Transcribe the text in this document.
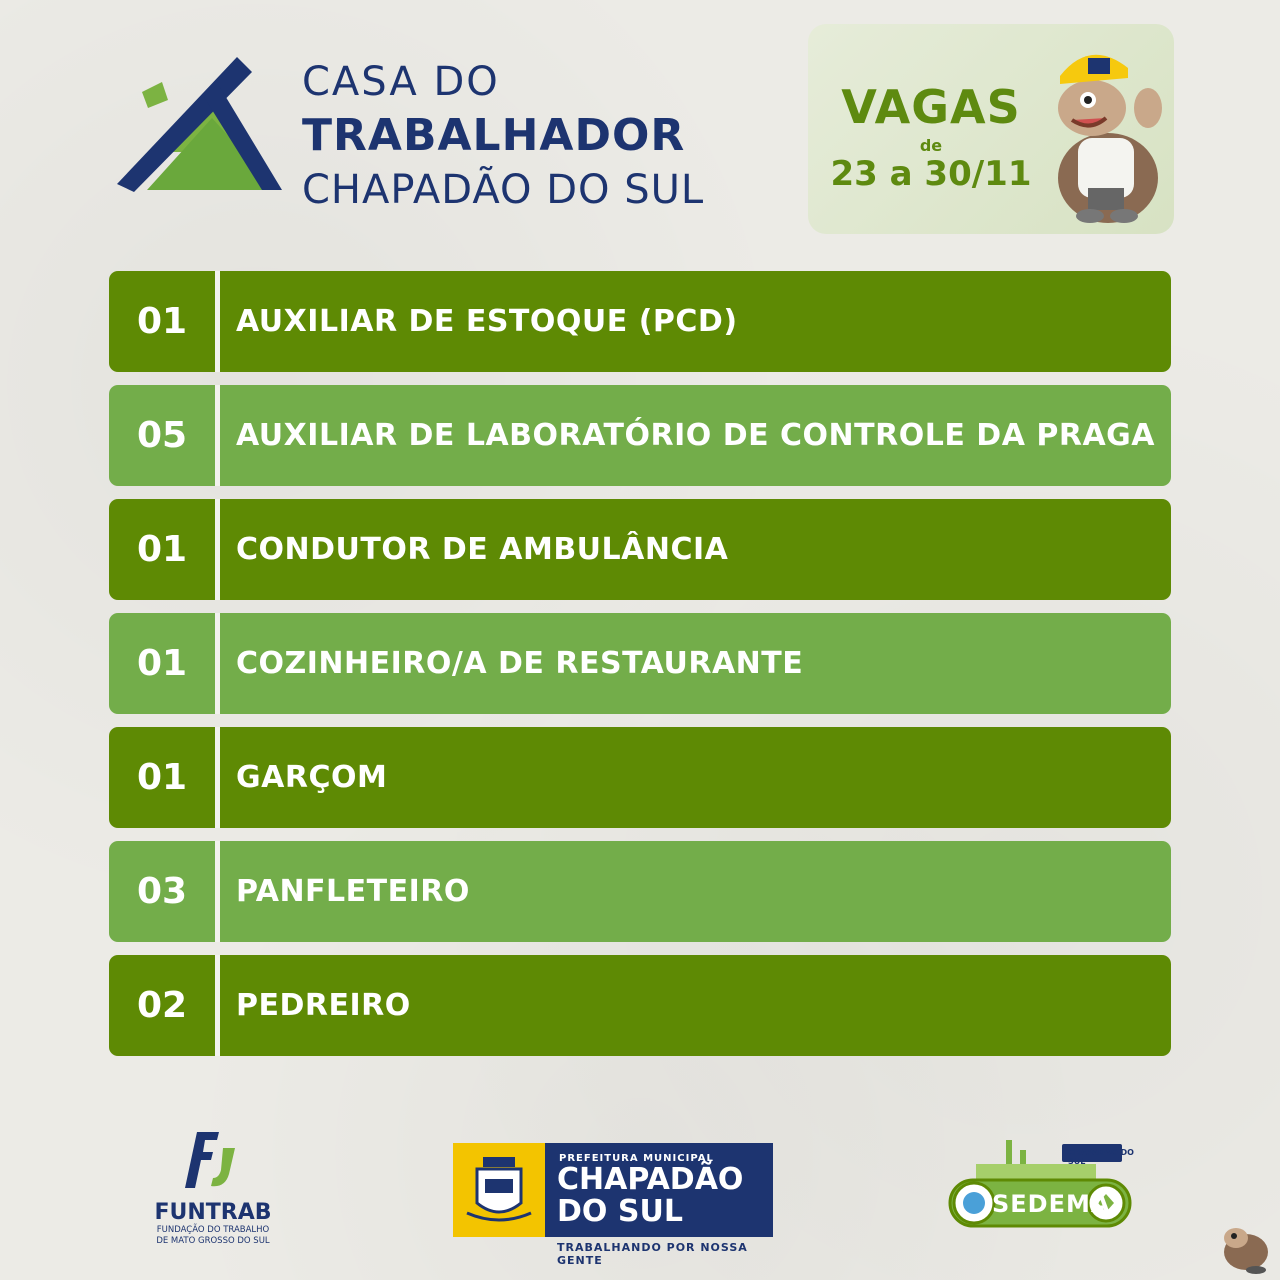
CASA DO
TRABALHADOR
CHAPADÃO DO SUL
VAGAS
de
23 a 30/11
01	AUXILIAR DE ESTOQUE (PCD)
05	AUXILIAR DE LABORATÓRIO DE CONTROLE DA PRAGA
01	CONDUTOR DE AMBULÂNCIA
01	COZINHEIRO/A DE RESTAURANTE
01	GARÇOM
03	PANFLETEIRO
02	PEDREIRO
FUNTRAB
FUNDAÇÃO DO TRABALHO
DE MATO GROSSO DO SUL
PREFEITURA MUNICIPAL
CHAPADÃO
DO SUL
TRABALHANDO POR NOSSA GENTE
CHAPADÃO DO SUL
SEDEMA
